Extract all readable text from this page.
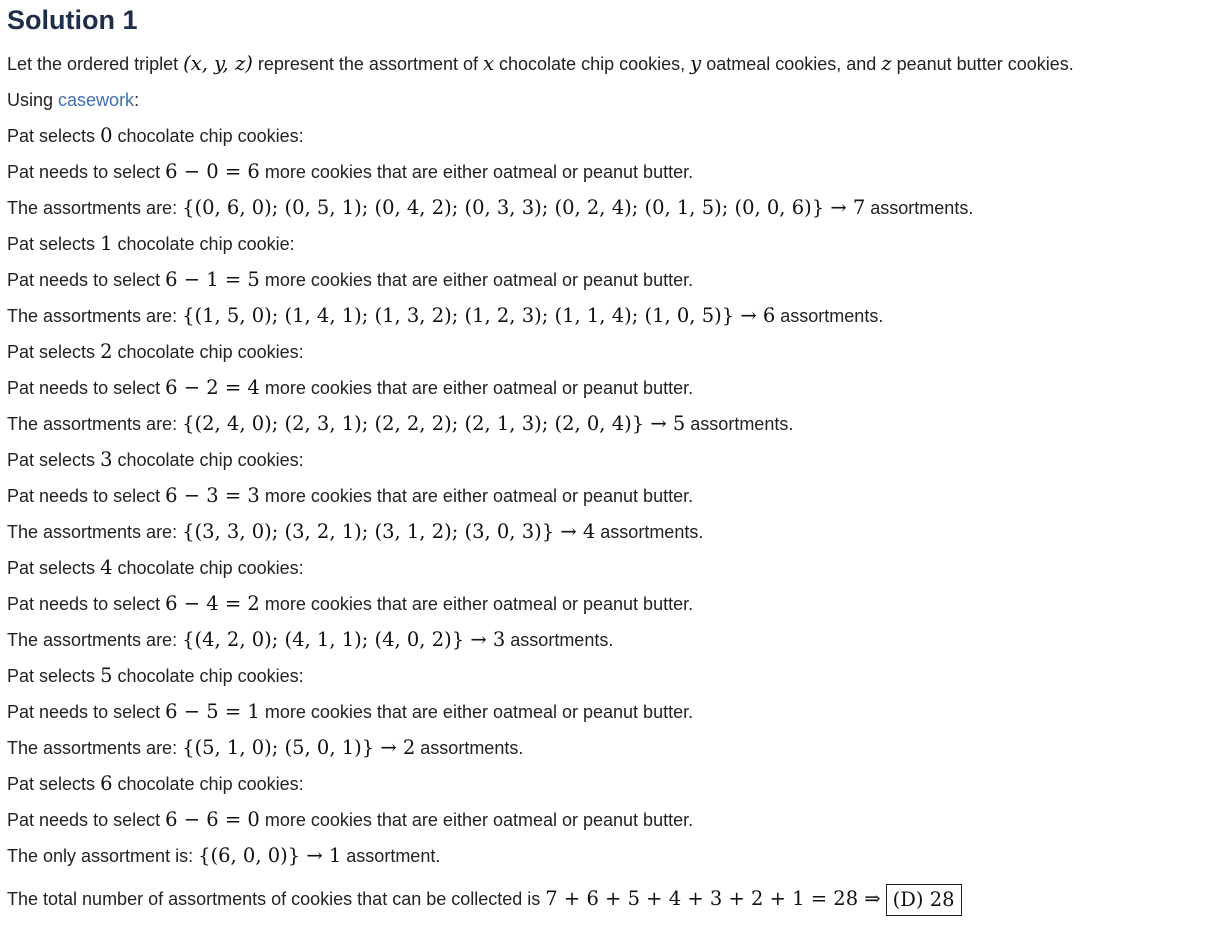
Solution 1
Let the ordered triplet (x, y, z) represent the assortment of x chocolate chip cookies, y oatmeal cookies, and z peanut butter cookies.
Using casework:
Pat selects 0 chocolate chip cookies:
Pat needs to select 6 − 0 = 6 more cookies that are either oatmeal or peanut butter.
The assortments are: {(0, 6, 0); (0, 5, 1); (0, 4, 2); (0, 3, 3); (0, 2, 4); (0, 1, 5); (0, 0, 6)} → 7 assortments.
Pat selects 1 chocolate chip cookie:
Pat needs to select 6 − 1 = 5 more cookies that are either oatmeal or peanut butter.
The assortments are: {(1, 5, 0); (1, 4, 1); (1, 3, 2); (1, 2, 3); (1, 1, 4); (1, 0, 5)} → 6 assortments.
Pat selects 2 chocolate chip cookies:
Pat needs to select 6 − 2 = 4 more cookies that are either oatmeal or peanut butter.
The assortments are: {(2, 4, 0); (2, 3, 1); (2, 2, 2); (2, 1, 3); (2, 0, 4)} → 5 assortments.
Pat selects 3 chocolate chip cookies:
Pat needs to select 6 − 3 = 3 more cookies that are either oatmeal or peanut butter.
The assortments are: {(3, 3, 0); (3, 2, 1); (3, 1, 2); (3, 0, 3)} → 4 assortments.
Pat selects 4 chocolate chip cookies:
Pat needs to select 6 − 4 = 2 more cookies that are either oatmeal or peanut butter.
The assortments are: {(4, 2, 0); (4, 1, 1); (4, 0, 2)} → 3 assortments.
Pat selects 5 chocolate chip cookies:
Pat needs to select 6 − 5 = 1 more cookies that are either oatmeal or peanut butter.
The assortments are: {(5, 1, 0); (5, 0, 1)} → 2 assortments.
Pat selects 6 chocolate chip cookies:
Pat needs to select 6 − 6 = 0 more cookies that are either oatmeal or peanut butter.
The only assortment is: {(6, 0, 0)} → 1 assortment.
The total number of assortments of cookies that can be collected is 7 + 6 + 5 + 4 + 3 + 2 + 1 = 28 ⇒ (D) 28
